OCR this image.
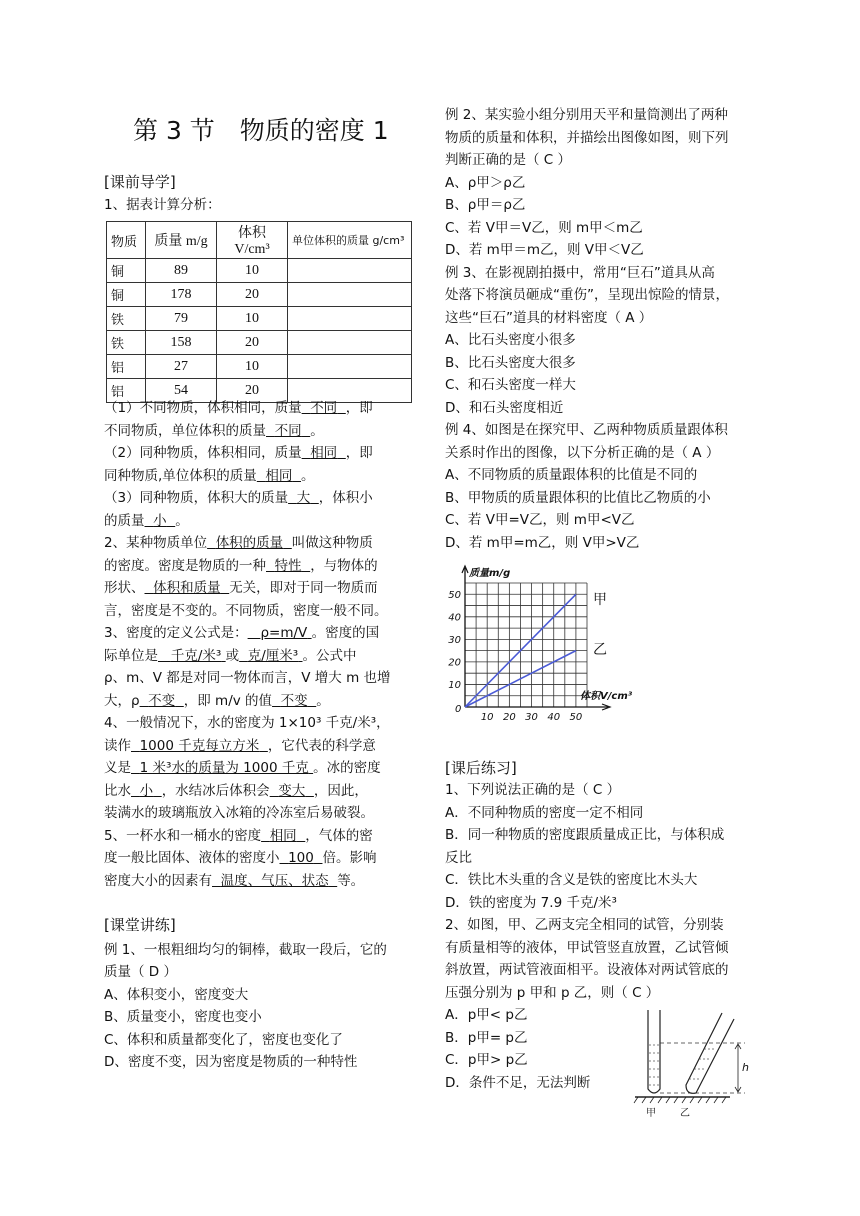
第 3 节　物质的密度 1
[课前导学]
1、据表计算分析：
物质	质量 m/g	体积 V/cm³	单位体积的质量 g/cm³
铜	89	10	
铜	178	20	
铁	79	10	
铁	158	20	
铝	27	10	
铝	54	20	
（1）不同物质，体积相同，质量 不同 ，即
不同物质，单位体积的质量 不同 。
（2）同种物质，体积相同，质量 相同 ，即
同种物质,单位体积的质量 相同 。
（3）同种物质，体积大的质量 大 ，体积小
的质量 小 。
2、某种物质单位 体积的质量 叫做这种物质
的密度。密度是物质的一种 特性 ，与物体的
形状、 体积和质量 无关，即对于同一物质而
言，密度是不变的。不同物质，密度一般不同。
3、密度的定义公式是： ρ=m/V 。密度的国
际单位是 千克/米³ 或 克/厘米³ 。公式中
ρ、m、V 都是对同一物体而言，V 增大 m 也增
大，ρ 不变 ，即 m/v 的值 不变 。
4、一般情况下，水的密度为 1×10³ 千克/米³，
读作 1000 千克每立方米 ，它代表的科学意
义是 1 米³水的质量为 1000 千克 。冰的密度
比水 小 ，水结冰后体积会 变大 ，因此，
装满水的玻璃瓶放入冰箱的冷冻室后易破裂。
5、一杯水和一桶水的密度 相同 ，气体的密
度一般比固体、液体的密度小 100 倍。影响
密度大小的因素有 温度、气压、状态 等。
[课堂讲练]
例 1、一根粗细均匀的铜棒，截取一段后，它的
质量（ D ）
A、体积变小，密度变大
B、质量变小，密度也变小
C、体积和质量都变化了，密度也变化了
D、密度不变，因为密度是物质的一种特性
例 2、某实验小组分别用天平和量筒测出了两种
物质的质量和体积，并描绘出图像如图，则下列
判断正确的是（ C ）
A、ρ甲＞ρ乙
B、ρ甲＝ρ乙
C、若 V甲＝V乙，则 m甲＜m乙
D、若 m甲＝m乙，则 V甲＜V乙
例 3、在影视剧拍摄中，常用“巨石”道具从高
处落下将演员砸成“重伤”，呈现出惊险的情景，
这些“巨石”道具的材料密度（ A ）
A、比石头密度小很多
B、比石头密度大很多
C、和石头密度一样大
D、和石头密度相近
例 4、如图是在探究甲、乙两种物质质量跟体积
关系时作出的图像，以下分析正确的是（ A ）
A、不同物质的质量跟体积的比值是不同的
B、甲物质的质量跟体积的比值比乙物质的小
C、若 V甲=V乙，则 m甲<V乙
D、若 m甲=m乙，则 V甲>V乙
[课后练习]
1、下列说法正确的是（ C ）
A．不同种物质的密度一定不相同
B．同一种物质的密度跟质量成正比，与体积成
反比
C．铁比木头重的含义是铁的密度比木头大
D．铁的密度为 7.9 千克/米³
2、如图，甲、乙两支完全相同的试管，分别装
有质量相等的液体，甲试管竖直放置，乙试管倾
斜放置，两试管液面相平。设液体对两试管底的
压强分别为 p 甲和 p 乙，则（ C ）
A．p甲< p乙
B．p甲= p乙
C．p甲> p乙
D．条件不足，无法判断
50
40
30
20
10
10 20 30 40 50
0
质量m/g
体积V/cm³
甲
乙
h
甲 乙
